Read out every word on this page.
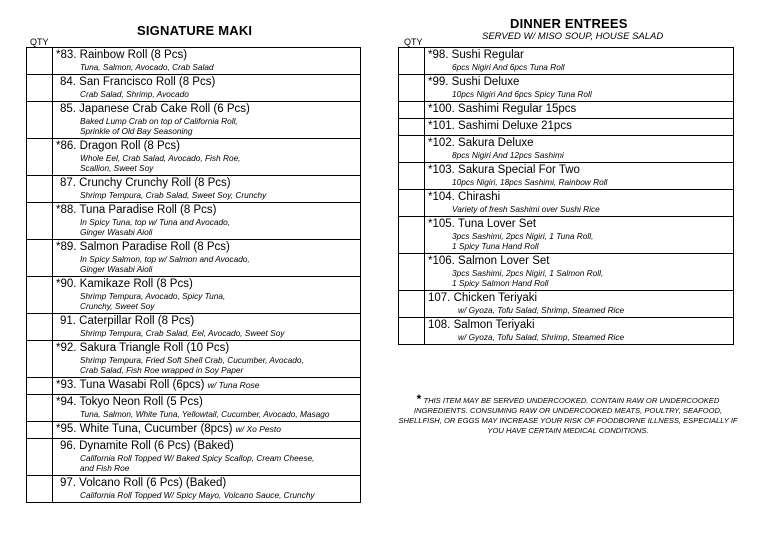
SIGNATURE MAKI
QTY

	*83. Rainbow Roll (8 Pcs)
Tuna, Salmon, Avocado, Crab Salad

	84. San Francisco Roll (8 Pcs)
Crab Salad, Shrimp, Avocado

	85. Japanese Crab Cake Roll (6 Pcs)
Baked Lump Crab on top of California Roll,
Sprinkle of Old Bay Seasoning

	*86. Dragon Roll (8 Pcs)
Whole Eel, Crab Salad, Avocado, Fish Roe,
Scallion, Sweet Soy

	87. Crunchy Crunchy Roll (8 Pcs)
Shrimp Tempura, Crab Salad, Sweet Soy, Crunchy

	*88. Tuna Paradise Roll (8 Pcs)
In Spicy Tuna, top w/ Tuna and Avocado,
Ginger Wasabi Aioli

	*89. Salmon Paradise Roll (8 Pcs)
In Spicy Salmon, top w/ Salmon and Avocado,
Ginger Wasabi Aioli

	*90. Kamikaze Roll (8 Pcs)
Shrimp Tempura, Avocado, Spicy Tuna,
Crunchy, Sweet Soy

	91. Caterpillar Roll (8 Pcs)
Shrimp Tempura, Crab Salad, Eel, Avocado, Sweet Soy

	*92. Sakura Triangle Roll (10 Pcs)
Shrimp Tempura, Fried Soft Shell Crab, Cucumber, Avocado,
Crab Salad, Fish Roe wrapped in Soy Paper

	*93. Tuna Wasabi Roll (6pcs) w/ Tuna Rose

	*94. Tokyo Neon Roll (5 Pcs)
Tuna, Salmon, White Tuna, Yellowtail, Cucumber, Avocado, Masago

	*95. White Tuna, Cucumber (8pcs) w/ Xo Pesto

	96. Dynamite Roll (6 Pcs) (Baked)
California Roll Topped W/ Baked Spicy Scallop, Cream Cheese,
and Fish Roe

	97. Volcano Roll (6 Pcs) (Baked)
California Roll Topped W/ Spicy Mayo, Volcano Sauce, Crunchy
DINNER ENTREES
SERVED W/ MISO SOUP, HOUSE SALAD
QTY

	*98. Sushi Regular
6pcs Nigiri And 6pcs Tuna Roll

	*99. Sushi Deluxe
10pcs Nigiri And 6pcs Spicy Tuna Roll

	*100. Sashimi Regular 15pcs

	*101. Sashimi Deluxe 21pcs

	*102. Sakura Deluxe
8pcs Nigiri And 12pcs Sashimi

	*103. Sakura Special For Two
10pcs Nigiri, 18pcs Sashimi, Rainbow Roll

	*104. Chirashi
Variety of fresh Sashimi over Sushi Rice

	*105. Tuna Lover Set
3pcs Sashimi, 2pcs Nigiri, 1 Tuna Roll,
1 Spicy Tuna Hand Roll

	*106. Salmon Lover Set
3pcs Sashimi, 2pcs Nigiri, 1 Salmon Roll,
1 Spicy Salmon Hand Roll

	107. Chicken Teriyaki
w/ Gyoza, Tofu Salad, Shrimp, Steamed Rice

	108. Salmon Teriyaki
w/ Gyoza, Tofu Salad, Shrimp, Steamed Rice
* THIS ITEM MAY BE SERVED UNDERCOOKED. CONTAIN RAW OR UNDERCOOKED INGREDIENTS. CONSUMING RAW OR UNDERCOOKED MEATS, POULTRY, SEAFOOD, SHELLFISH, OR EGGS MAY INCREASE YOUR RISK OF FOODBORNE ILLNESS, ESPECIALLY IF YOU HAVE CERTAIN MEDICAL CONDITIONS.
